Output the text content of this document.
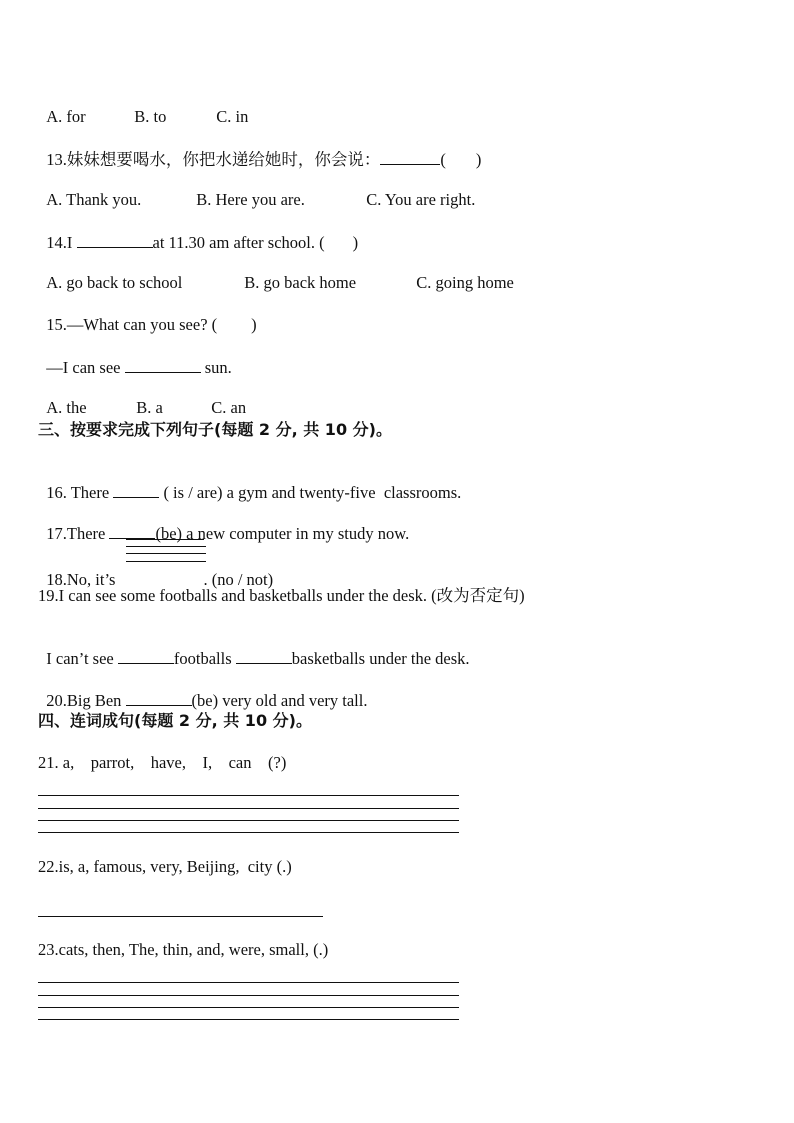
A. for	B. to	C. in

13.妹妹想要喝水，你把水递给她时，你会说：	( )

A. Thank you.	B. Here you are.	C. You are right.

14.I	at 11.30 am after school. ( )

A. go back to school	B. go back home	C. going home

15.—What can you see? ( )

—I can see	sun.

A. the	B. a	C. an

三、按要求完成下列句子(每题 2 分, 共 10 分)。

16. There	( is / are) a gym and twenty-five  classrooms.

17.There	(be) a new computer in my study now.

18.No, it’s	. (no / not)

19.I can see some footballs and basketballs under the desk. (改为否定句)

I can’t see	footballs	basketballs under the desk.

20.Big Ben	(be) very old and very tall.

四、连词成句(每题 2 分, 共 10 分)。
21. a,    parrot,    have,    I,    can    (?)
22.is, a, famous, very, Beijing,  city (.)
23.cats, then, The, thin, and, were, small, (.)
